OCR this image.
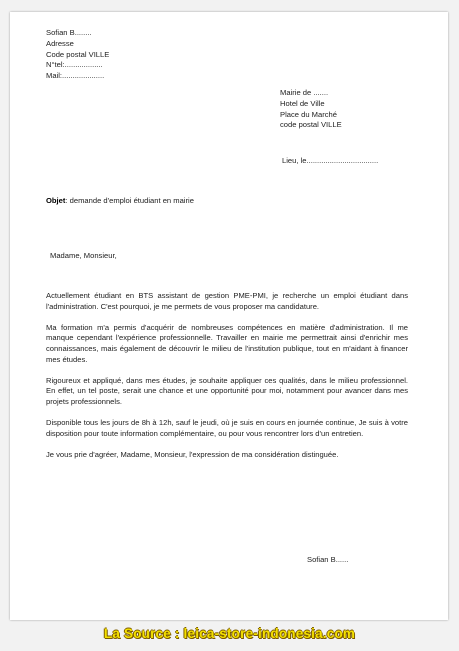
Sofian B........
Adresse
Code postal VILLE
N°tel:..................
Mail:....................
Mairie de .......
Hotel de Ville
Place du Marché
code postal VILLE
Lieu, le..................................
Objet: demande d'emploi étudiant en mairie
Madame, Monsieur,

Actuellement étudiant en BTS assistant de gestion PME-PMI, je recherche un emploi étudiant dans l'administration. C'est pourquoi, je me permets de vous proposer ma candidature.

Ma formation m'a permis d'acquérir de nombreuses compétences en matière d'administration. Il me manque cependant l'expérience professionnelle. Travailler en mairie me permettrait ainsi d'enrichir mes connaissances, mais également de découvrir le milieu de l'institution publique, tout en m'aidant à financer mes études.

Rigoureux et appliqué, dans mes études, je souhaite appliquer ces qualités, dans le milieu professionnel. En effet, un tel poste, serait une chance et une opportunité pour moi, notamment pour avancer dans mes projets professionnels.

Disponible tous les jours de 8h à 12h, sauf le jeudi, où je suis en cours en journée continue, Je suis à votre disposition pour toute information complémentaire, ou pour vous rencontrer lors d'un entretien.

Je vous prie d'agréer, Madame, Monsieur, l'expression de ma considération distinguée.

Sofian B......
La Source : leica-store-indonesia.com
